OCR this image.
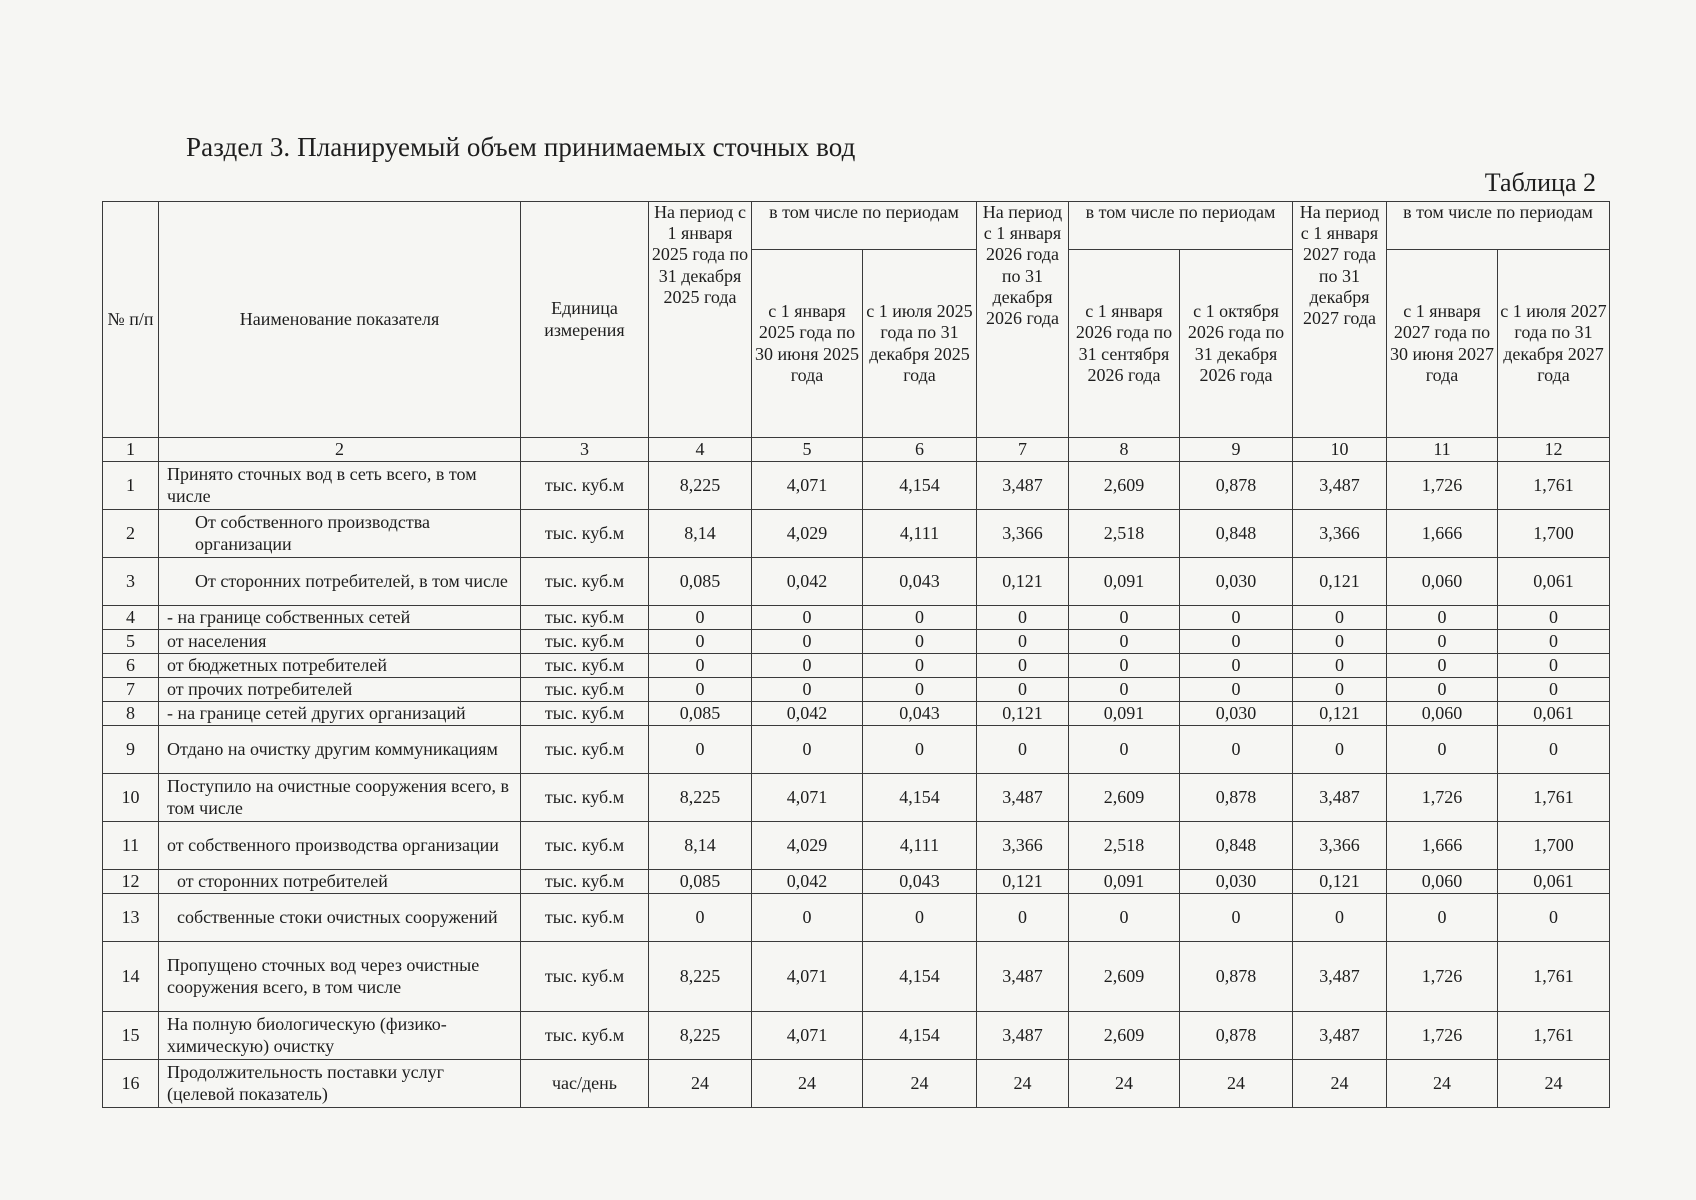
Раздел 3. Планируемый объем принимаемых сточных вод
Таблица 2
№ п/п	Наименование показателя	Единица измерения	На период с 1 января 2025 года по 31 декабря 2025 года	в том числе по периодам		На период с 1 января 2026 года по 31 декабря 2026 года	в том числе по периодам		На период с 1 января 2027 года по 31 декабря 2027 года	в том числе по периодам	
				с 1 января 2025 года по 30 июня 2025 года	с 1 июля 2025 года по 31 декабря 2025 года		с 1 января 2026 года по 31 сентября 2026 года	с 1 октября 2026 года по 31 декабря 2026 года		с 1 января 2027 года по 30 июня 2027 года	с 1 июля 2027 года по 31 декабря 2027 года
1	2	3	4	5	6	7	8	9	10	11	12
1	Принято сточных вод в сеть всего, в том числе	тыс. куб.м	8,225	4,071	4,154	3,487	2,609	0,878	3,487	1,726	1,761
2	От собственного производства организации	тыс. куб.м	8,14	4,029	4,111	3,366	2,518	0,848	3,366	1,666	1,700
3	От сторонних потребителей, в том числе	тыс. куб.м	0,085	0,042	0,043	0,121	0,091	0,030	0,121	0,060	0,061
4	- на границе собственных сетей	тыс. куб.м	0	0	0	0	0	0	0	0	0
5	от населения	тыс. куб.м	0	0	0	0	0	0	0	0	0
6	от бюджетных потребителей	тыс. куб.м	0	0	0	0	0	0	0	0	0
7	от прочих потребителей	тыс. куб.м	0	0	0	0	0	0	0	0	0
8	- на границе сетей других организаций	тыс. куб.м	0,085	0,042	0,043	0,121	0,091	0,030	0,121	0,060	0,061
9	Отдано на очистку другим коммуникациям	тыс. куб.м	0	0	0	0	0	0	0	0	0
10	Поступило на очистные сооружения всего, в том числе	тыс. куб.м	8,225	4,071	4,154	3,487	2,609	0,878	3,487	1,726	1,761
11	от собственного производства организации	тыс. куб.м	8,14	4,029	4,111	3,366	2,518	0,848	3,366	1,666	1,700
12	от сторонних потребителей	тыс. куб.м	0,085	0,042	0,043	0,121	0,091	0,030	0,121	0,060	0,061
13	собственные стоки очистных сооружений	тыс. куб.м	0	0	0	0	0	0	0	0	0
14	Пропущено сточных вод через очистные сооружения всего, в том числе	тыс. куб.м	8,225	4,071	4,154	3,487	2,609	0,878	3,487	1,726	1,761
15	На полную биологическую (физико-химическую) очистку	тыс. куб.м	8,225	4,071	4,154	3,487	2,609	0,878	3,487	1,726	1,761
16	Продолжительность поставки услуг (целевой показатель)	час/день	24	24	24	24	24	24	24	24	24
